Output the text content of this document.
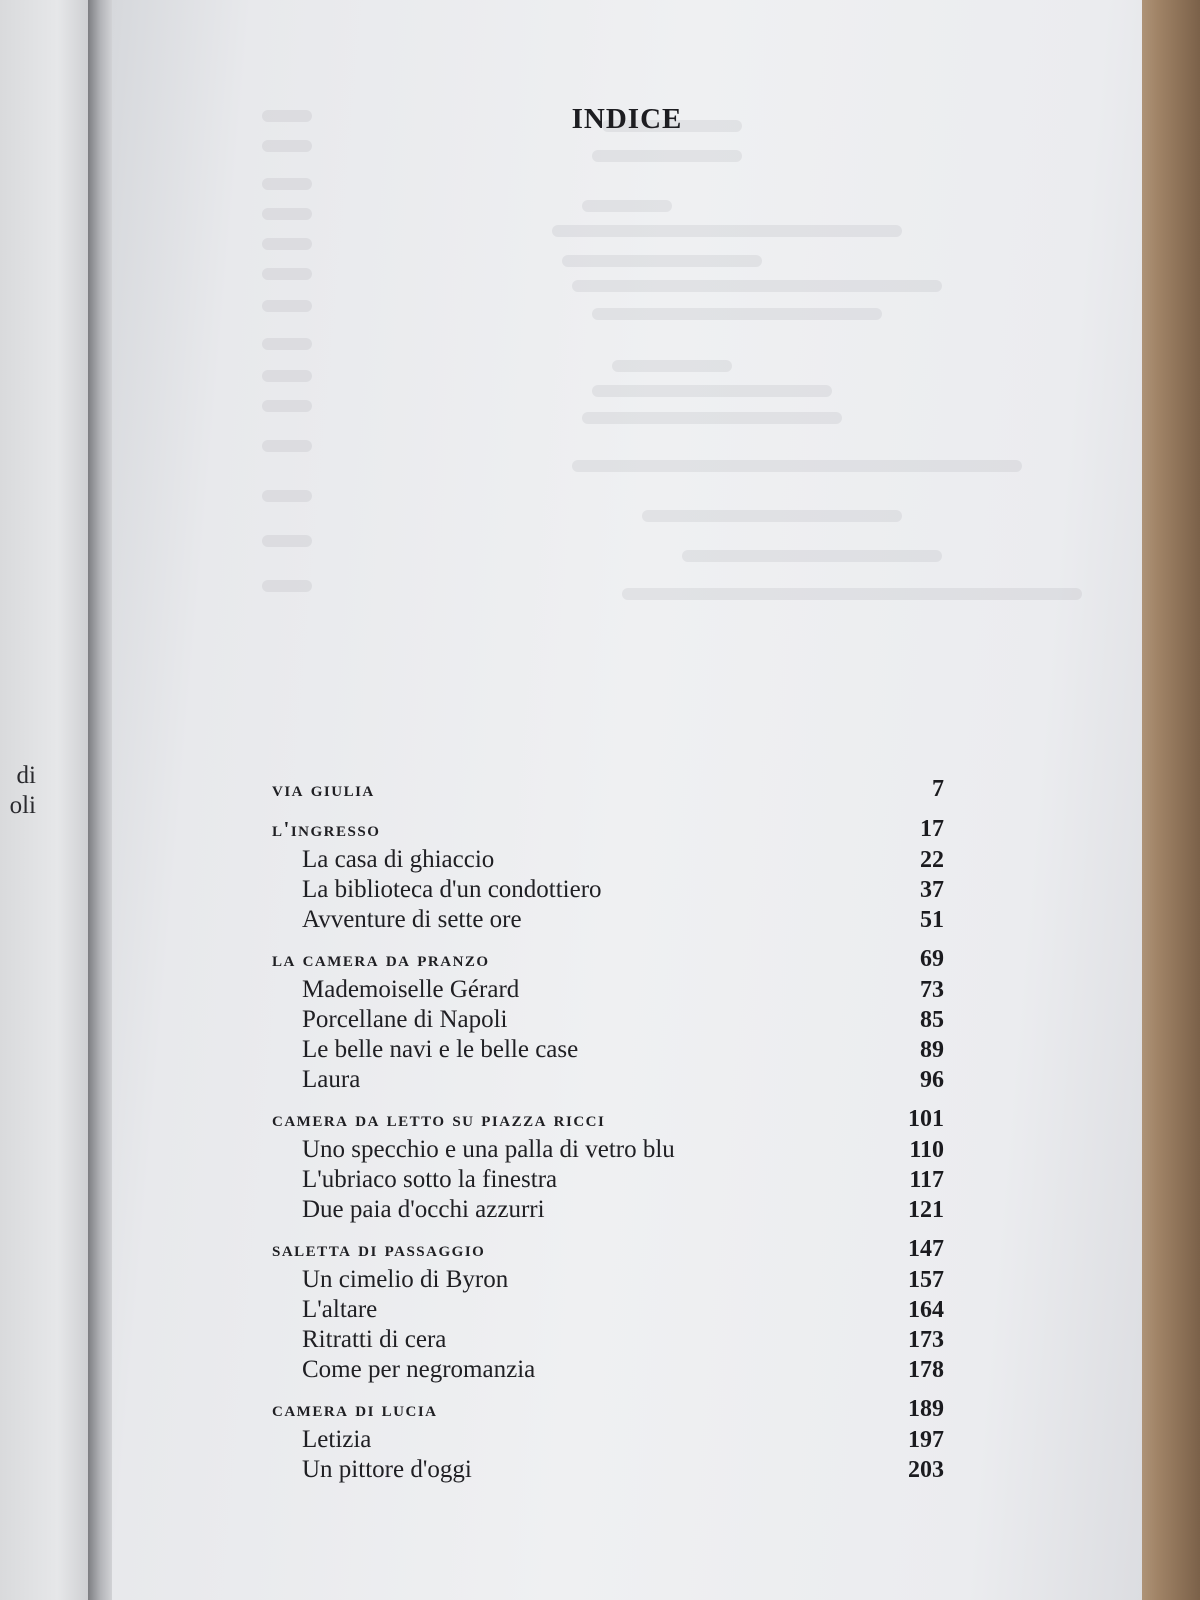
di
oli
INDICE
via giulia	7
l'ingresso	17
La casa di ghiaccio	22
La biblioteca d'un condottiero	37
Avventure di sette ore	51
la camera da pranzo	69
Mademoiselle Gérard	73
Porcellane di Napoli	85
Le belle navi e le belle case	89
Laura	96
camera da letto su piazza ricci	101
Uno specchio e una palla di vetro blu	110
L'ubriaco sotto la finestra	117
Due paia d'occhi azzurri	121
saletta di passaggio	147
Un cimelio di Byron	157
L'altare	164
Ritratti di cera	173
Come per negromanzia	178
camera di lucia	189
Letizia	197
Un pittore d'oggi	203
